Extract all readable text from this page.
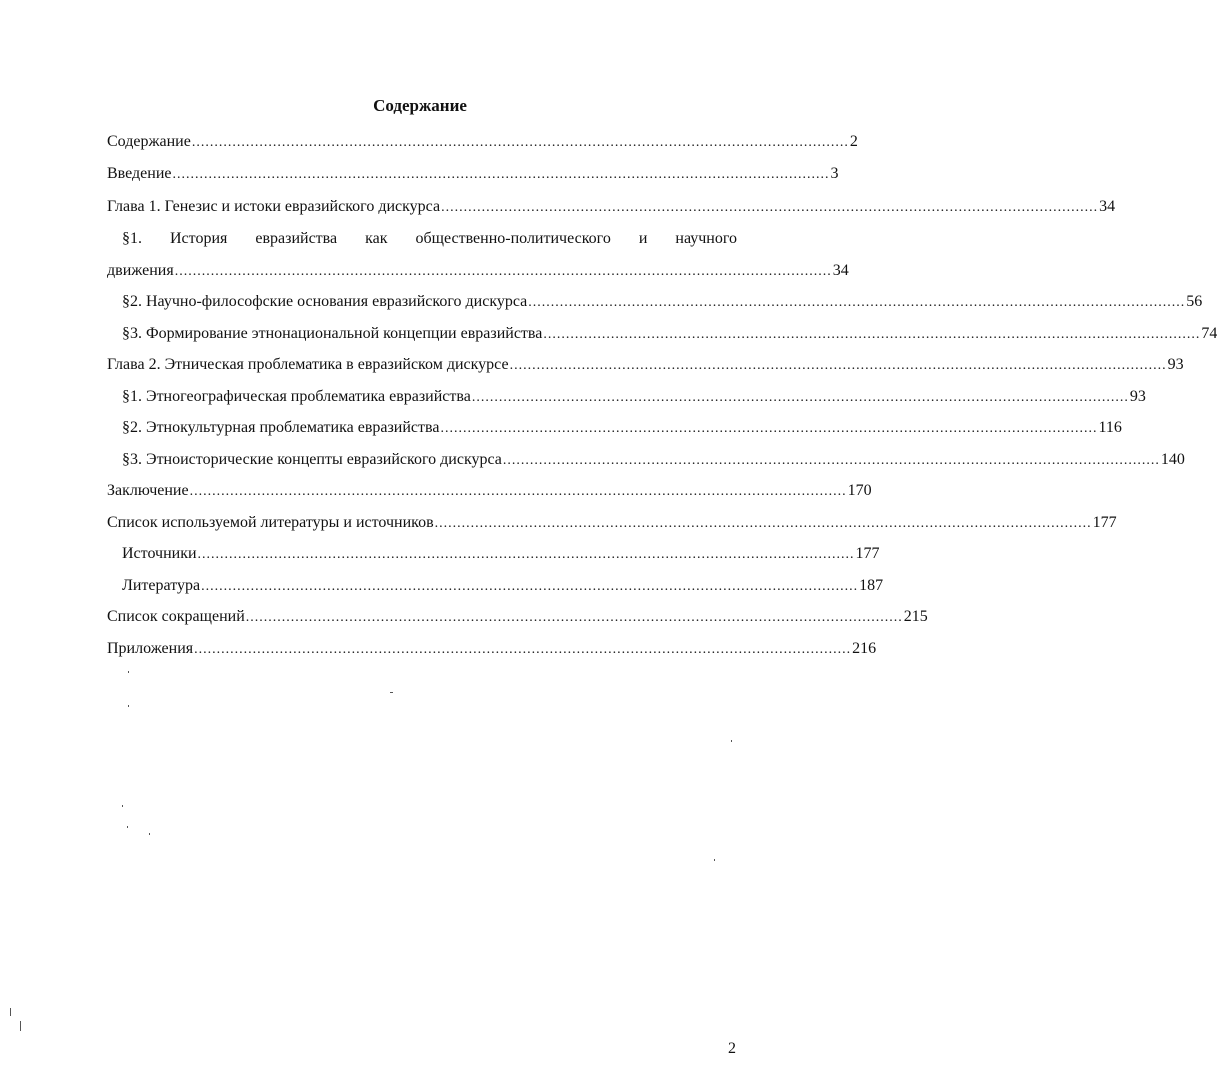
Содержание
Содержание .................................................................................................................................................. 2
Введение .................................................................................................................................................. 3
Глава 1. Генезис и истоки евразийского дискурса .................................................................................................................................................. 34
§1. История евразийства как общественно-политического и научного
движения .................................................................................................................................................. 34
§2. Научно-философские основания евразийского дискурса .................................................................................................................................................. 56
§3. Формирование этнонациональной концепции евразийства .................................................................................................................................................. 74
Глава 2. Этническая проблематика в евразийском дискурсе .................................................................................................................................................. 93
§1. Этногеографическая проблематика евразийства .................................................................................................................................................. 93
§2. Этнокультурная проблематика евразийства .................................................................................................................................................. 116
§3. Этноисторические концепты евразийского дискурса .................................................................................................................................................. 140
Заключение .................................................................................................................................................. 170
Список используемой литературы и источников .................................................................................................................................................. 177
Источники .................................................................................................................................................. 177
Литература .................................................................................................................................................. 187
Список сокращений .................................................................................................................................................. 215
Приложения .................................................................................................................................................. 216
2
